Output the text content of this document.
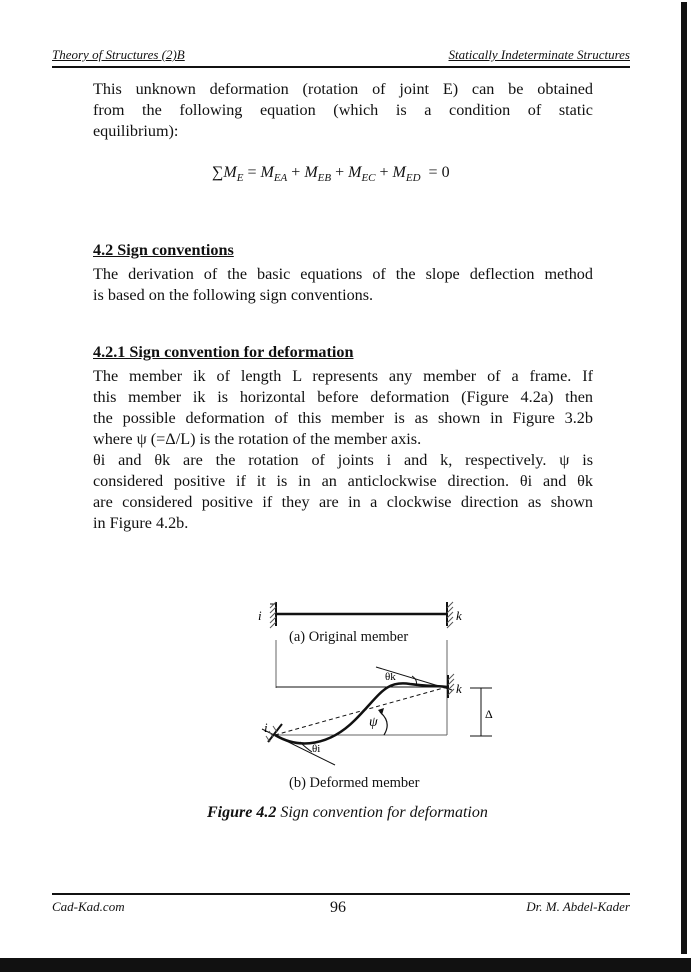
Theory of Structures (2)B	Statically Indeterminate Structures
This unknown deformation (rotation of joint E) can be obtained
from the following equation (which is a condition of static
equilibrium):
$\sum M_E = M_{EA} + M_{EB} + M_{EC} + M_{ED} = 0$
4.2 Sign conventions
The derivation of the basic equations of the slope deflection method
is based on the following sign conventions.
4.2.1 Sign convention for deformation
The member ik of length L represents any member of a frame. If
this member ik is horizontal before deformation (Figure 4.2a) then
the possible deformation of this member is as shown in Figure 3.2b
where ψ (=Δ/L) is the rotation of the member axis.
θi and θk are the rotation of joints i and k, respectively. ψ is
considered positive if it is in an anticlockwise direction. θi and θk
are considered positive if they are in a clockwise direction as shown
in Figure 4.2b.
i	k
θk
k
ψ
Δ
i
θi
(a) Original member
(b) Deformed member
Figure 4.2 Sign convention for deformation
Cad-Kad.com	96	Dr. M. Abdel-Kader
